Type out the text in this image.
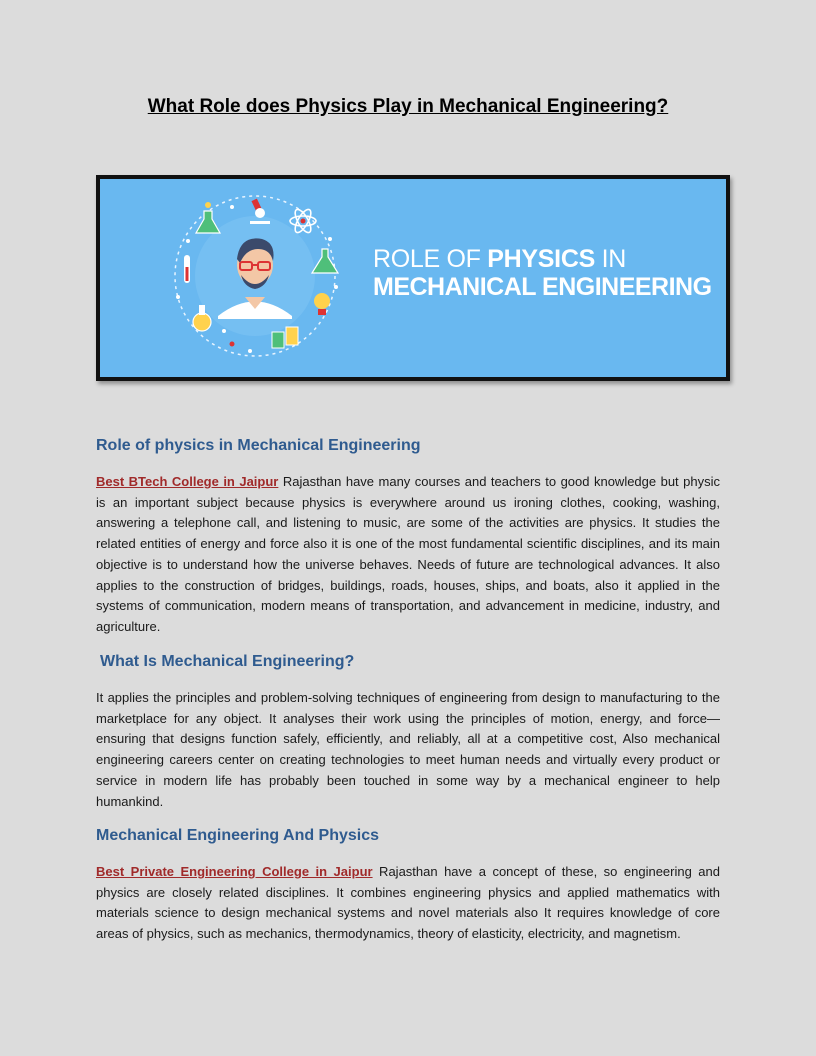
What Role does Physics Play in Mechanical Engineering?
ROLE OF PHYSICS IN
MECHANICAL ENGINEERING
Role of physics in Mechanical Engineering

Best BTech College in Jaipur Rajasthan have many courses and teachers to good knowledge but physic is an important subject because physics is everywhere around us ironing clothes, cooking, washing, answering a telephone call, and listening to music, are some of the activities are physics. It studies the related entities of energy and force also it is one of the most fundamental scientific disciplines, and its main objective is to understand how the universe behaves. Needs of future are technological advances. It also applies to the construction of bridges, buildings, roads, houses, ships, and boats, also it applied in the systems of communication, modern means of transportation, and advancement in medicine, industry, and agriculture.

What Is Mechanical Engineering?

It applies the principles and problem-solving techniques of engineering from design to manufacturing to the marketplace for any object. It analyses their work using the principles of motion, energy, and force—ensuring that designs function safely, efficiently, and reliably, all at a competitive cost, Also mechanical engineering careers center on creating technologies to meet human needs and virtually every product or service in modern life has probably been touched in some way by a mechanical engineer to help humankind.

Mechanical Engineering And Physics

Best Private Engineering College in Jaipur Rajasthan have a concept of these, so engineering and physics are closely related disciplines. It combines engineering physics and applied mathematics with materials science to design mechanical systems and novel materials also It requires knowledge of core areas of physics, such as mechanics, thermodynamics, theory of elasticity, electricity, and magnetism.
